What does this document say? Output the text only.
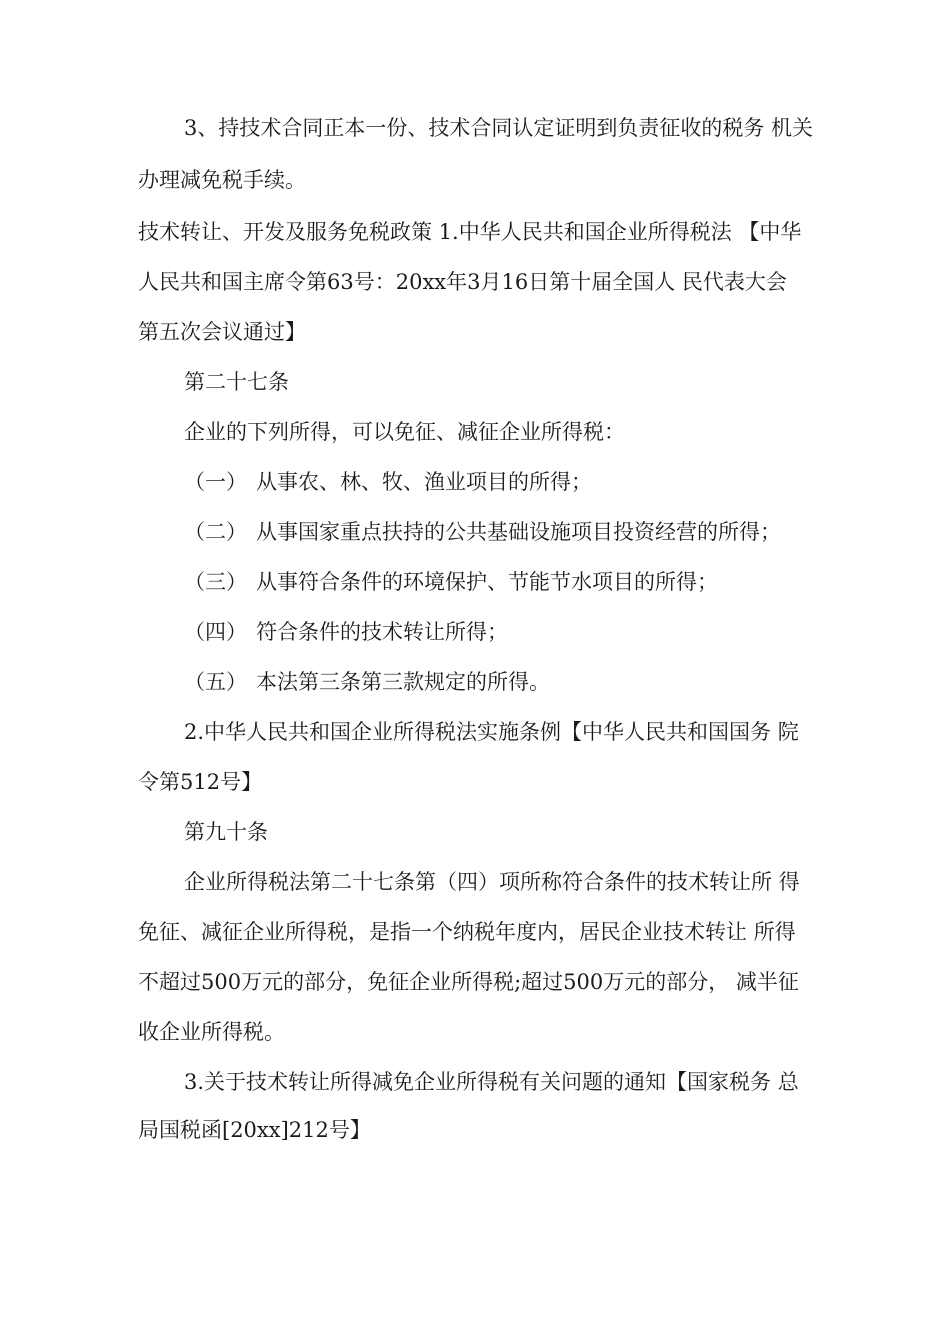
3、持技术合同正本一份、技术合同认定证明到负责征收的税务 机关
办理减免税手续。
技术转让、开发及服务免税政策 1.中华人民共和国企业所得税法 【中华
人民共和国主席令第63号：20xx年3月16日第十届全国人 民代表大会
第五次会议通过】
第二十七条
企业的下列所得，可以免征、减征企业所得税：
（一） 从事农、林、牧、渔业项目的所得；
（二） 从事国家重点扶持的公共基础设施项目投资经营的所得；
（三） 从事符合条件的环境保护、节能节水项目的所得；
（四） 符合条件的技术转让所得；
（五） 本法第三条第三款规定的所得。
2.中华人民共和国企业所得税法实施条例【中华人民共和国国务 院
令第512号】
第九十条
企业所得税法第二十七条第（四）项所称符合条件的技术转让所 得
免征、减征企业所得税，是指一个纳税年度内，居民企业技术转让 所得
不超过500万元的部分，免征企业所得税;超过500万元的部分， 减半征
收企业所得税。
3.关于技术转让所得减免企业所得税有关问题的通知【国家税务 总
局国税函[20xx]212号】
